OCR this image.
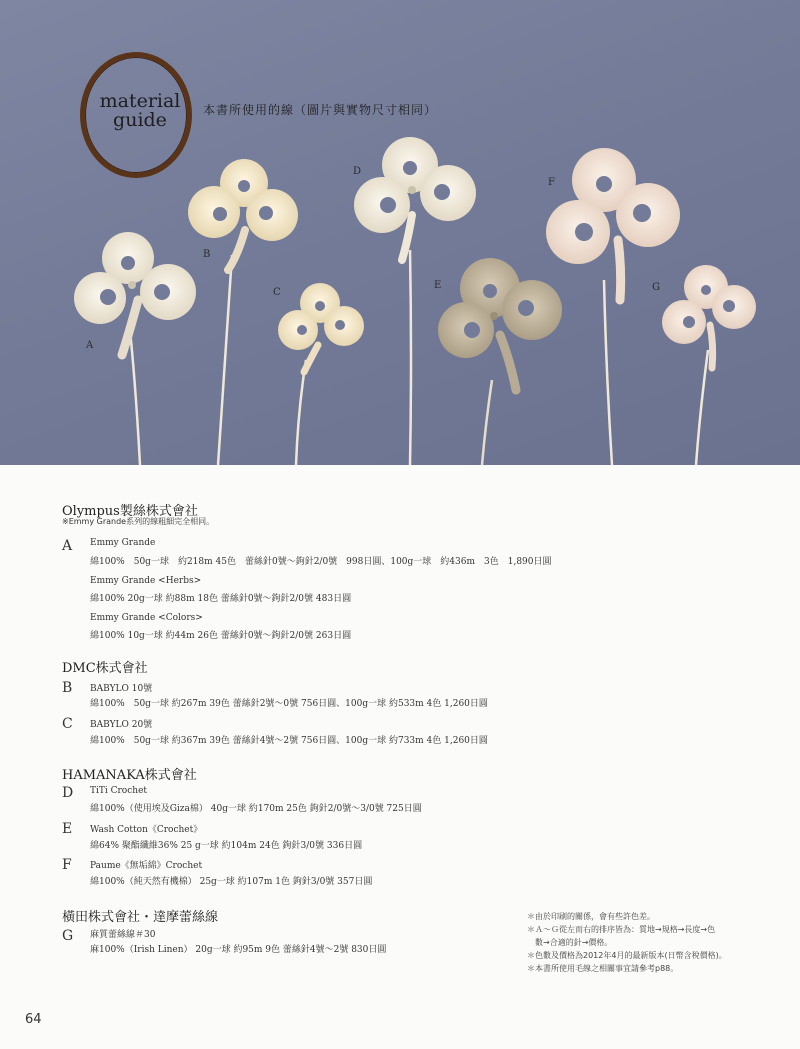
material
guide	本書所使用的線（圖片與實物尺寸相同）
A
B
C
D
E
F
G
Olympus製絲株式會社
※Emmy Grande系列的線粗細完全相同。
A Emmy Grande
綿100%　50g一球　約218m 45色　蕾絲針0號～鉤針2/0號　998日圓、100g一球　約436m　3色　1,890日圓
Emmy Grande <Herbs>
綿100% 20g一球 約88m 18色 蕾絲針0號～鉤針2/0號 483日圓
Emmy Grande <Colors>
綿100% 10g一球 約44m 26色 蕾絲針0號～鉤針2/0號 263日圓
DMC株式會社
B BABYLO 10號
綿100%　50g一球 約267m 39色 蕾絲針2號～0號 756日圓、100g一球 約533m 4色 1,260日圓
C BABYLO 20號
綿100%　50g一球 約367m 39色 蕾絲針4號～2號 756日圓、100g一球 約733m 4色 1,260日圓
HAMANAKA株式會社
D TiTi Crochet
綿100%（使用埃及Giza棉） 40g一球 約170m 25色 鉤針2/0號～3/0號 725日圓
E Wash Cotton《Crochet》
綿64% 聚酯纖維36% 25 g一球 約104m 24色 鉤針3/0號 336日圓
F Paume《無垢綿》Crochet
綿100%（純天然有機棉） 25g一球 約107m 1色 鉤針3/0號 357日圓
橫田株式會社・達摩蕾絲線
G 麻質蕾絲線＃30
麻100%（Irish Linen） 20g一球 約95m 9色 蕾絲針4號～2號 830日圓
＊由於印刷的關係，會有些許色差。
＊Ａ～Ｇ從左而右的排序皆為：質地→規格→長度→色
　數→合適的針→價格。
＊色數及價格為2012年4月的最新版本(日幣含稅價格)。
＊本書所使用毛線之相關事宜請參考p88。
64
